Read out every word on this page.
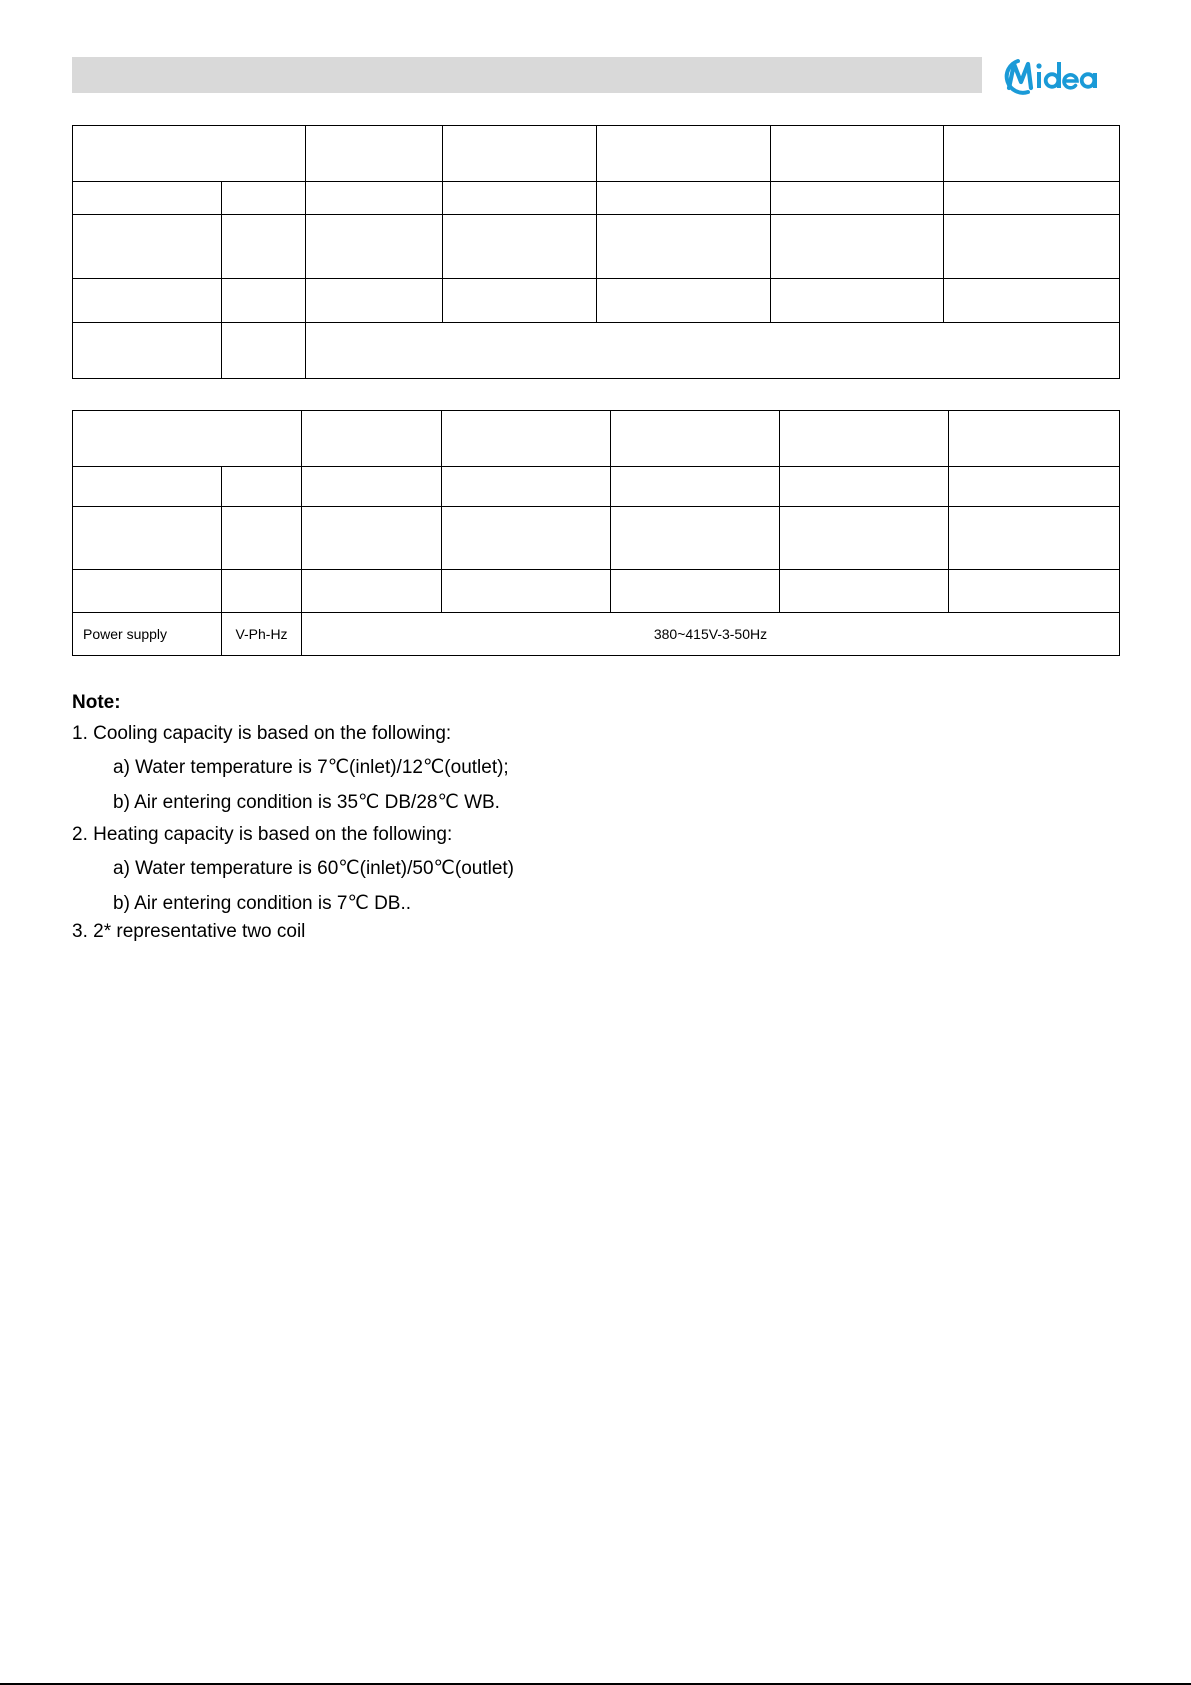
Power supply	V-Ph-Hz	380~415V-3-50Hz				
Note:
1. Cooling capacity is based on the following:
a) Water temperature is 7℃(inlet)/12℃(outlet);
b) Air entering condition is 35℃ DB/28℃ WB.
2. Heating capacity is based on the following:
a) Water temperature is 60℃(inlet)/50℃(outlet)
b) Air entering condition is 7℃ DB..
3. 2* representative two coil
